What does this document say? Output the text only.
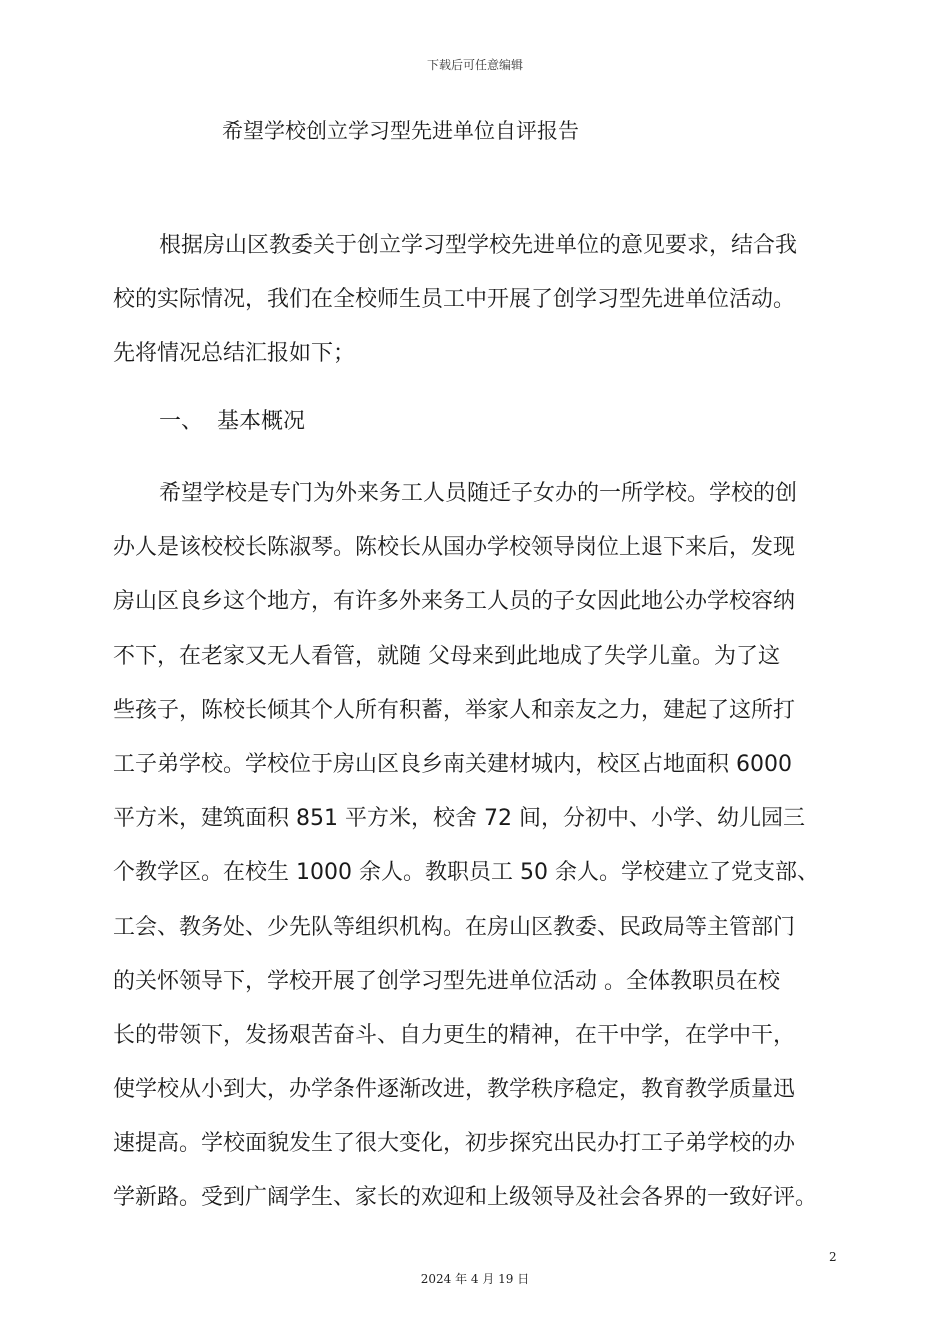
下载后可任意编辑
希望学校创立学习型先进单位自评报告
根据房山区教委关于创立学习型学校先进单位的意见要求，结合我
校的实际情况，我们在全校师生员工中开展了创学习型先进单位活动。
先将情况总结汇报如下；
一、 基本概况
希望学校是专门为外来务工人员随迁子女办的一所学校。学校的创
办人是该校校长陈淑琴。陈校长从国办学校领导岗位上退下来后，发现
房山区良乡这个地方，有许多外来务工人员的子女因此地公办学校容纳
不下，在老家又无人看管，就随 父母来到此地成了失学儿童。为了这
些孩子，陈校长倾其个人所有积蓄，举家人和亲友之力，建起了这所打
工子弟学校。学校位于房山区良乡南关建材城内，校区占地面积 6000
平方米，建筑面积 851 平方米，校舍 72 间，分初中、小学、幼儿园三
个教学区。在校生 1000 余人。教职员工 50 余人。学校建立了党支部、
工会、教务处、少先队等组织机构。在房山区教委、民政局等主管部门
的关怀领导下，学校开展了创学习型先进单位活动 。全体教职员在校
长的带领下，发扬艰苦奋斗、自力更生的精神，在干中学，在学中干，
使学校从小到大，办学条件逐渐改进，教学秩序稳定，教育教学质量迅
速提高。学校面貌发生了很大变化，初步探究出民办打工子弟学校的办
学新路。受到广阔学生、家长的欢迎和上级领导及社会各界的一致好评。
2
2024 年 4 月 19 日
